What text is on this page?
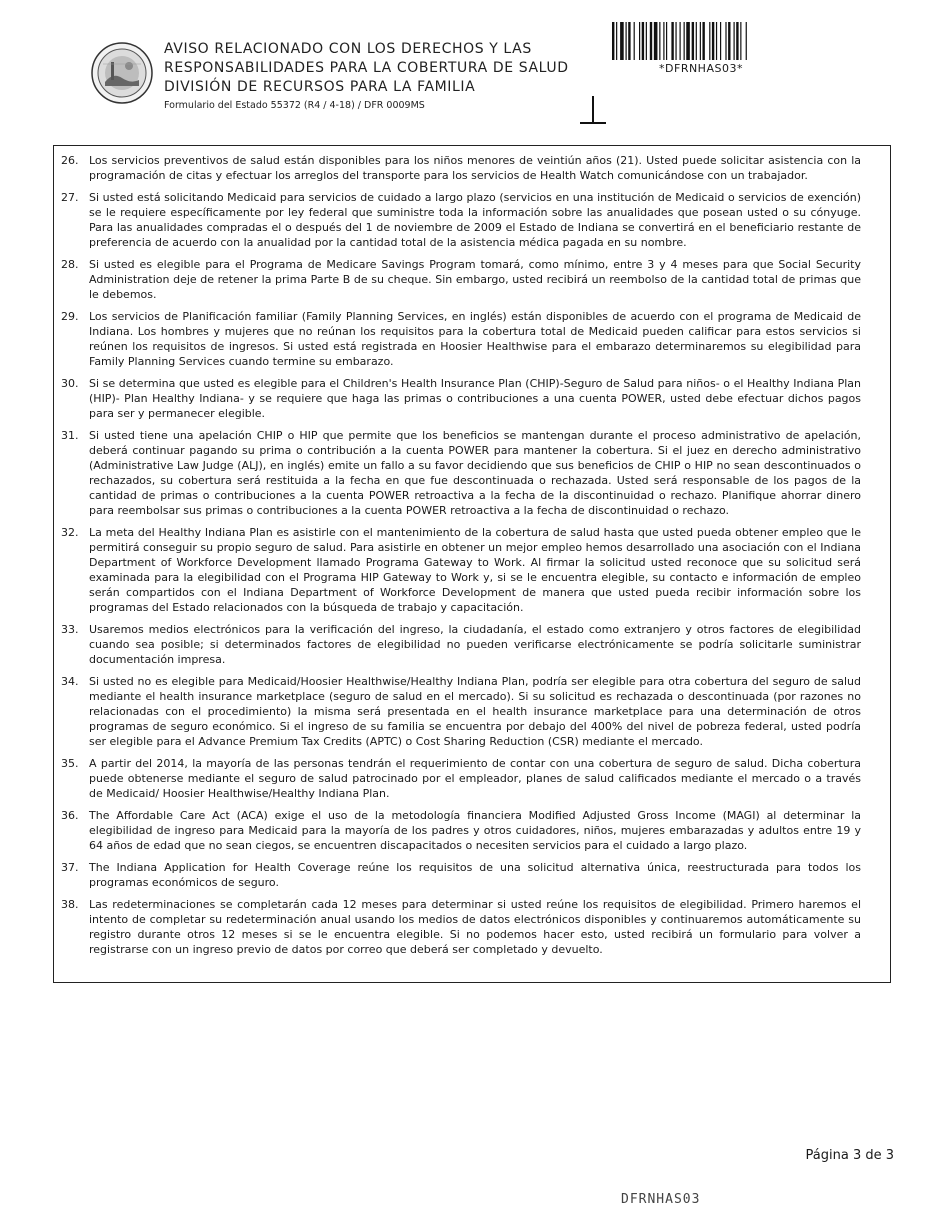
AVISO RELACIONADO CON LOS DERECHOS Y LAS
RESPONSABILIDADES PARA LA COBERTURA DE SALUD
DIVISIÓN DE RECURSOS PARA LA FAMILIA
Formulario del Estado 55372 (R4 / 4-18) / DFR 0009MS
*DFRNHAS03*
26. Los servicios preventivos de salud están disponibles para los niños menores de veintiún años (21). Usted puede solicitar asistencia con la programación de citas y efectuar los arreglos del transporte para los servicios de Health Watch comunicándose con un trabajador.
27. Si usted está solicitando Medicaid para servicios de cuidado a largo plazo (servicios en una institución de Medicaid o servicios de exención) se le requiere específicamente por ley federal que suministre toda la información sobre las anualidades que posean usted o su cónyuge. Para las anualidades compradas el o después del 1 de noviembre de 2009 el Estado de Indiana se convertirá en el beneficiario restante de preferencia de acuerdo con la anualidad por la cantidad total de la asistencia médica pagada en su nombre.
28. Si usted es elegible para el Programa de Medicare Savings Program tomará, como mínimo, entre 3 y 4 meses para que Social Security Administration deje de retener la prima Parte B de su cheque. Sin embargo, usted recibirá un reembolso de la cantidad total de primas que le debemos.
29. Los servicios de Planificación familiar (Family Planning Services, en inglés) están disponibles de acuerdo con el programa de Medicaid de Indiana. Los hombres y mujeres que no reúnan los requisitos para la cobertura total de Medicaid pueden calificar para estos servicios si reúnen los requisitos de ingresos. Si usted está registrada en Hoosier Healthwise para el embarazo determinaremos su elegibilidad para Family Planning Services cuando termine su embarazo.
30. Si se determina que usted es elegible para el Children's Health Insurance Plan (CHIP)-Seguro de Salud para niños- o el Healthy Indiana Plan (HIP)- Plan Healthy Indiana- y se requiere que haga las primas o contribuciones a una cuenta POWER, usted debe efectuar dichos pagos para ser y permanecer elegible.
31. Si usted tiene una apelación CHIP o HIP que permite que los beneficios se mantengan durante el proceso administrativo de apelación, deberá continuar pagando su prima o contribución a la cuenta POWER para mantener la cobertura. Si el juez en derecho administrativo (Administrative Law Judge (ALJ), en inglés) emite un fallo a su favor decidiendo que sus beneficios de CHIP o HIP no sean descontinuados o rechazados, su cobertura será restituida a la fecha en que fue descontinuada o rechazada. Usted será responsable de los pagos de la cantidad de primas o contribuciones a la cuenta POWER retroactiva a la fecha de la discontinuidad o rechazo. Planifique ahorrar dinero para reembolsar sus primas o contribuciones a la cuenta POWER retroactiva a la fecha de discontinuidad o rechazo.
32. La meta del Healthy Indiana Plan es asistirle con el mantenimiento de la cobertura de salud hasta que usted pueda obtener empleo que le permitirá conseguir su propio seguro de salud. Para asistirle en obtener un mejor empleo hemos desarrollado una asociación con el Indiana Department of Workforce Development llamado Programa Gateway to Work. Al firmar la solicitud usted reconoce que su solicitud será examinada para la elegibilidad con el Programa HIP Gateway to Work y, si se le encuentra elegible, su contacto e información de empleo serán compartidos con el Indiana Department of Workforce Development de manera que usted pueda recibir información sobre los programas del Estado relacionados con la búsqueda de trabajo y capacitación.
33. Usaremos medios electrónicos para la verificación del ingreso, la ciudadanía, el estado como extranjero y otros factores de elegibilidad cuando sea posible; si determinados factores de elegibilidad no pueden verificarse electrónicamente se podría solicitarle suministrar documentación impresa.
34. Si usted no es elegible para Medicaid/Hoosier Healthwise/Healthy Indiana Plan, podría ser elegible para otra cobertura del seguro de salud mediante el health insurance marketplace (seguro de salud en el mercado). Si su solicitud es rechazada o descontinuada (por razones no relacionadas con el procedimiento) la misma será presentada en el health insurance marketplace para una determinación de otros programas de seguro económico. Si el ingreso de su familia se encuentra por debajo del 400% del nivel de pobreza federal, usted podría ser elegible para el Advance Premium Tax Credits (APTC) o Cost Sharing Reduction (CSR) mediante el mercado.
35. A partir del 2014, la mayoría de las personas tendrán el requerimiento de contar con una cobertura de seguro de salud. Dicha cobertura puede obtenerse mediante el seguro de salud patrocinado por el empleador, planes de salud calificados mediante el mercado o a través de Medicaid/ Hoosier Healthwise/Healthy Indiana Plan.
36. The Affordable Care Act (ACA) exige el uso de la metodología financiera Modified Adjusted Gross Income (MAGI) al determinar la elegibilidad de ingreso para Medicaid para la mayoría de los padres y otros cuidadores, niños, mujeres embarazadas y adultos entre 19 y 64 años de edad que no sean ciegos, se encuentren discapacitados o necesiten servicios para el cuidado a largo plazo.
37. The Indiana Application for Health Coverage reúne los requisitos de una solicitud alternativa única, reestructurada para todos los programas económicos de seguro.
38. Las redeterminaciones se completarán cada 12 meses para determinar si usted reúne los requisitos de elegibilidad. Primero haremos el intento de completar su redeterminación anual usando los medios de datos electrónicos disponibles y continuaremos automáticamente su registro durante otros 12 meses si se le encuentra elegible. Si no podemos hacer esto, usted recibirá un formulario para volver a registrarse con un ingreso previo de datos por correo que deberá ser completado y devuelto.
Página 3 de 3
DFRNHAS03
